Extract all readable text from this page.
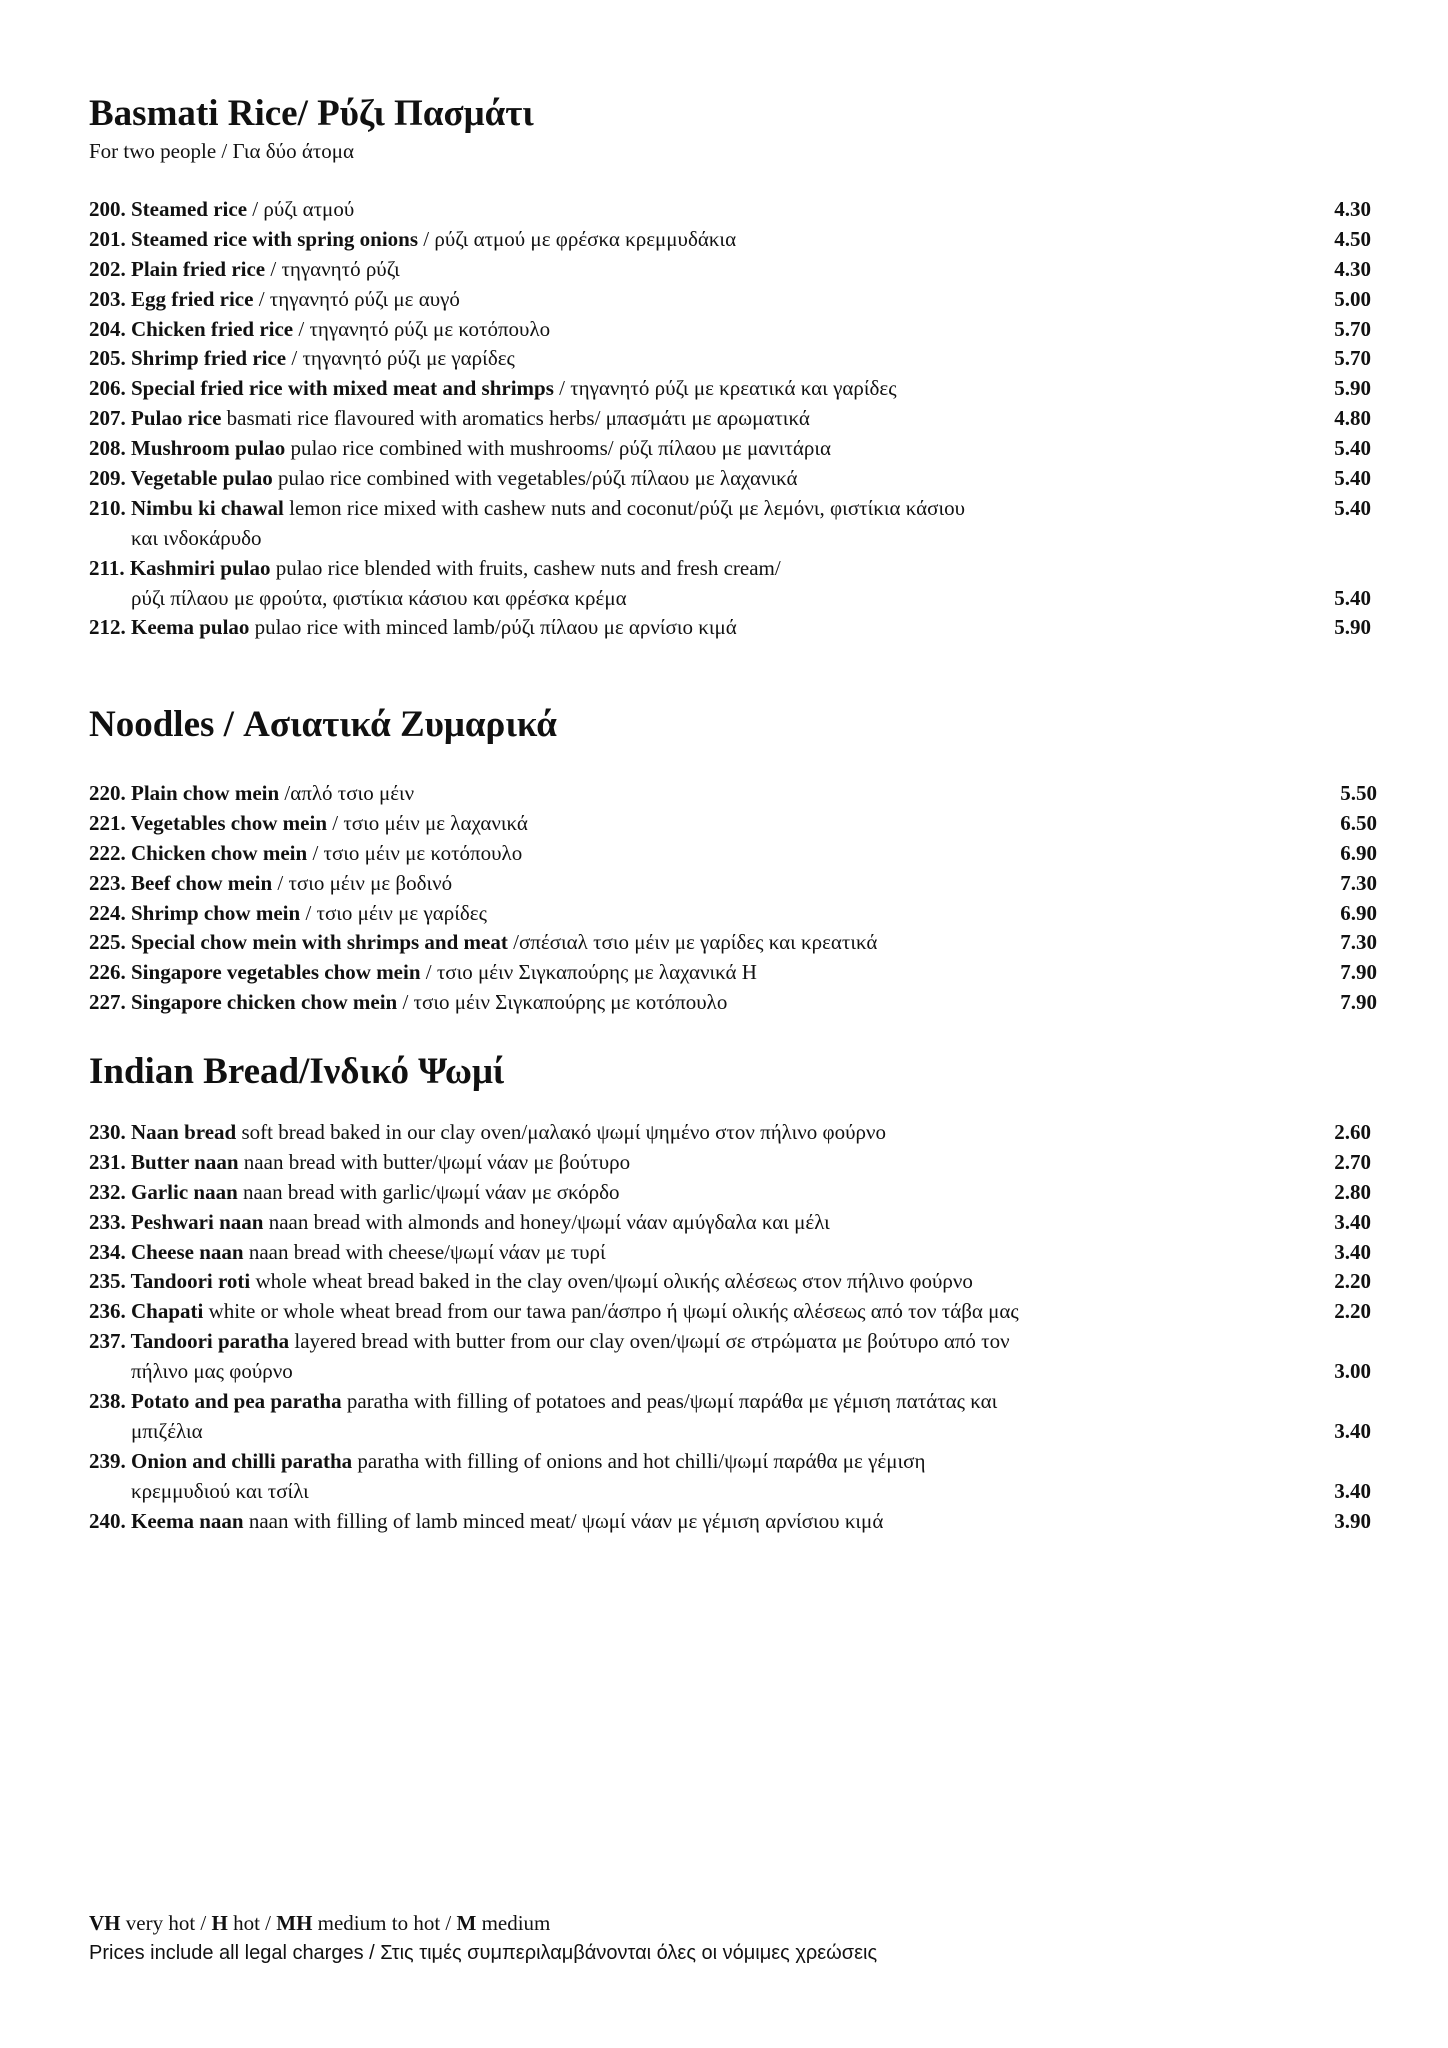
Basmati Rice/ Ρύζι Πασμάτι
For two people / Για δύο άτομα
200. Steamed rice / ρύζι ατμού	4.30
201. Steamed rice with spring onions / ρύζι ατμού με φρέσκα κρεμμυδάκια	4.50
202. Plain fried rice / τηγανητό ρύζι	4.30
203. Egg fried rice / τηγανητό ρύζι με αυγό	5.00
204. Chicken fried rice / τηγανητό ρύζι με κοτόπουλο	5.70
205. Shrimp fried rice / τηγανητό ρύζι με γαρίδες	5.70
206. Special fried rice with mixed meat and shrimps / τηγανητό ρύζι με κρεατικά και γαρίδες	5.90
207. Pulao rice basmati rice flavoured with aromatics herbs/ μπασμάτι με αρωματικά	4.80
208. Mushroom pulao pulao rice combined with mushrooms/ ρύζι πίλαου με μανιτάρια	5.40
209. Vegetable pulao pulao rice combined with vegetables/ρύζι πίλαου με λαχανικά	5.40
210. Nimbu ki chawal lemon rice mixed with cashew nuts and coconut/ρύζι με λεμόνι, φιστίκια κάσιου	5.40
και ινδοκάρυδο
211. Kashmiri pulao pulao rice blended with fruits, cashew nuts and fresh cream/
ρύζι πίλαου με φρούτα, φιστίκια κάσιου και φρέσκα κρέμα	5.40
212. Keema pulao pulao rice with minced lamb/ρύζι πίλαου με αρνίσιο κιμά	5.90
Noodles / Ασιατικά Ζυμαρικά
220. Plain chow mein /απλό τσιο μέιν	5.50
221. Vegetables chow mein / τσιο μέιν με λαχανικά	6.50
222. Chicken chow mein / τσιο μέιν με κοτόπουλο	6.90
223. Beef chow mein / τσιο μέιν με βοδινό	7.30
224. Shrimp chow mein / τσιο μέιν με γαρίδες	6.90
225. Special chow mein with shrimps and meat /σπέσιαλ τσιο μέιν με γαρίδες και κρεατικά	7.30
226. Singapore vegetables chow mein / τσιο μέιν Σιγκαπούρης με λαχανικά H	7.90
227. Singapore chicken chow mein / τσιο μέιν Σιγκαπούρης με κοτόπουλο	7.90
Indian Bread/Ινδικό Ψωμί
230. Naan bread soft bread baked in our clay oven/μαλακό ψωμί ψημένο στον πήλινο φούρνο	2.60
231. Butter naan naan bread with butter/ψωμί νάαν με βούτυρο	2.70
232. Garlic naan naan bread with garlic/ψωμί νάαν με σκόρδο	2.80
233. Peshwari naan naan bread with almonds and honey/ψωμί νάαν αμύγδαλα και μέλι	3.40
234. Cheese naan naan bread with cheese/ψωμί νάαν με τυρί	3.40
235. Tandoori roti whole wheat bread baked in the clay oven/ψωμί ολικής αλέσεως στον πήλινο φούρνο	2.20
236. Chapati white or whole wheat bread from our tawa pan/άσπρο ή ψωμί ολικής αλέσεως από τον τάβα μας	2.20
237. Tandoori paratha layered bread with butter from our clay oven/ψωμί σε στρώματα με βούτυρο από τον
πήλινο μας φούρνο	3.00
238. Potato and pea paratha paratha with filling of potatoes and peas/ψωμί παράθα με γέμιση πατάτας και
μπιζέλια	3.40
239. Onion and chilli paratha paratha with filling of onions and hot chilli/ψωμί παράθα με γέμιση
κρεμμυδιού και τσίλι	3.40
240. Keema naan naan with filling of lamb minced meat/ ψωμί νάαν με γέμιση αρνίσιου κιμά	3.90
VH very hot / H hot / MH medium to hot / M medium
Prices include all legal charges / Στις τιμές συμπεριλαμβάνονται όλες οι νόμιμες χρεώσεις
